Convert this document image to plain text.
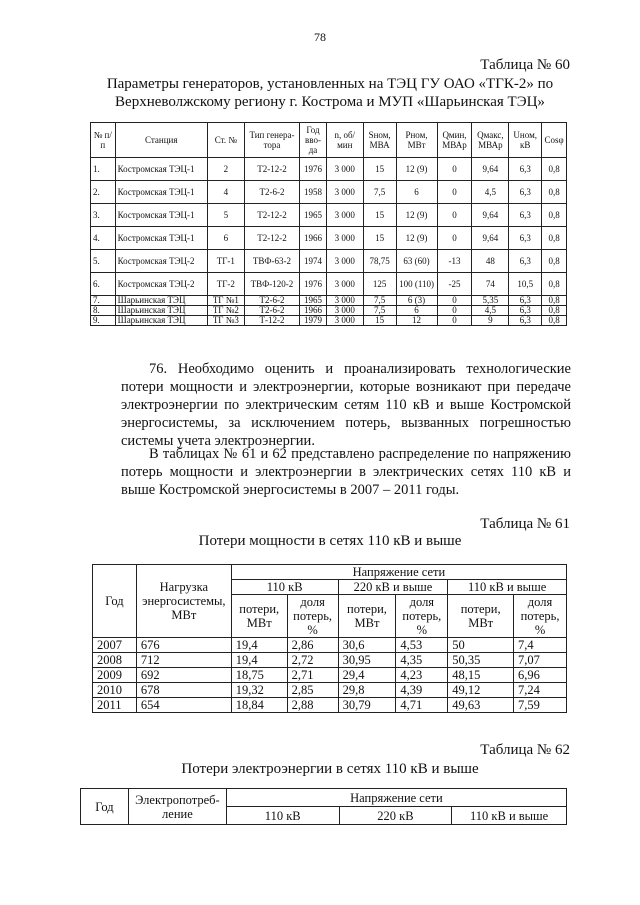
78
Таблица № 60
Параметры генераторов, установленных на ТЭЦ ГУ ОАО «ТГК-2» по
Верхневолжскому региону г. Кострома и МУП «Шарьинская ТЭЦ»
№ п/п	Станция	Ст. №	Тип генера-тора	Год вво-да	n, об/мин	Sном, МВА	Рном, МВт	Qмин, МВАр	Qмакс, МВАр	Uном, кВ	Cosφ
1.	Костромская ТЭЦ-1	2	Т2-12-2	1976	3 000	15	12 (9)	0	9,64	6,3	0,8
2.	Костромская ТЭЦ-1	4	Т2-6-2	1958	3 000	7,5	6	0	4,5	6,3	0,8
3.	Костромская ТЭЦ-1	5	Т2-12-2	1965	3 000	15	12 (9)	0	9,64	6,3	0,8
4.	Костромская ТЭЦ-1	6	Т2-12-2	1966	3 000	15	12 (9)	0	9,64	6,3	0,8
5.	Костромская ТЭЦ-2	ТГ-1	ТВФ-63-2	1974	3 000	78,75	63 (60)	-13	48	6,3	0,8
6.	Костромская ТЭЦ-2	ТГ-2	ТВФ-120-2	1976	3 000	125	100 (110)	-25	74	10,5	0,8
7.	Шарьинская ТЭЦ	ТГ №1	Т2-6-2	1965	3 000	7,5	6 (3)	0	5,35	6,3	0,8
8.	Шарьинская ТЭЦ	ТГ №2	Т2-6-2	1966	3 000	7,5	6	0	4,5	6,3	0,8
9.	Шарьинская ТЭЦ	ТГ №3	Т-12-2	1979	3 000	15	12	0	9	6,3	0,8

76. Необходимо оценить и проанализировать технологические потери мощности и электроэнергии, которые возникают при передаче электроэнергии по электрическим сетям 110 кВ и выше Костромской энергосистемы, за исключением потерь, вызванных погрешностью системы учета электроэнергии.

В таблицах № 61 и 62 представлено распределение по напряжению потерь мощности и электроэнергии в электрических сетях 110 кВ и выше Костромской энергосистемы в 2007 – 2011 годы.

Таблица № 61
Потери мощности в сетях 110 кВ и выше
Год	Нагрузка энергосистемы, МВт	Напряжение сети					
		110 кВ		220 кВ и выше		110 кВ и выше	
		потери, МВт	доля потерь, %	потери, МВт	доля потерь, %	потери, МВт	доля потерь, %
2007	676	19,4	2,86	30,6	4,53	50	7,4
2008	712	19,4	2,72	30,95	4,35	50,35	7,07
2009	692	18,75	2,71	29,4	4,23	48,15	6,96
2010	678	19,32	2,85	29,8	4,39	49,12	7,24
2011	654	18,84	2,88	30,79	4,71	49,63	7,59
Таблица № 62
Потери электроэнергии в сетях 110 кВ и выше
Год	Электропотреб-ление	Напряжение сети		
		110 кВ	220 кВ	110 кВ и выше
